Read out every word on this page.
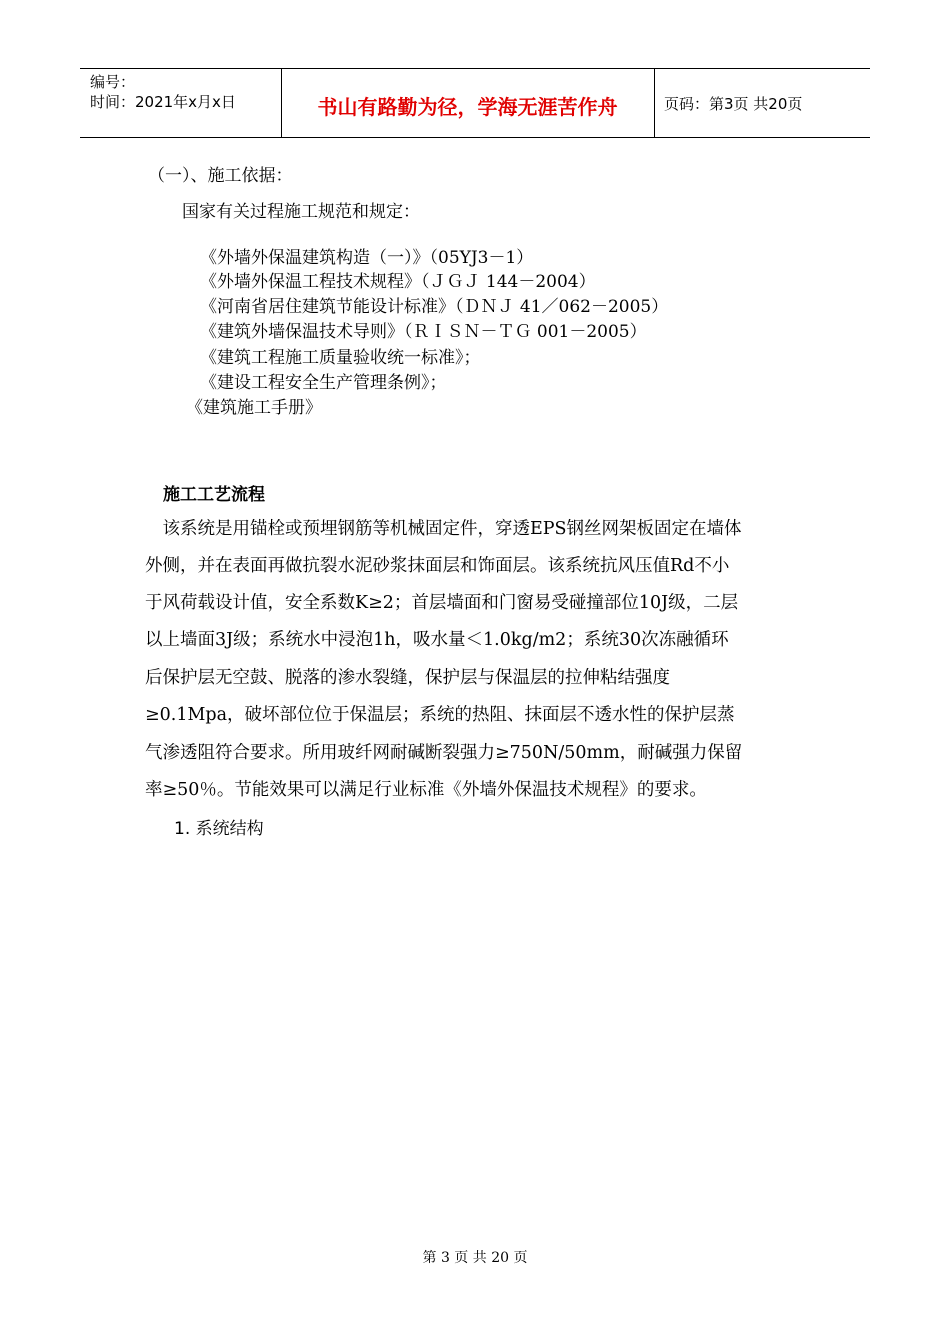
编号：
时间：2021年x月x日	书山有路勤为径，学海无涯苦作舟	页码：第3页 共20页
（一）、施工依据：
国家有关过程施工规范和规定：
《外墙外保温建筑构造（一）》（05YJ3－1）
《外墙外保温工程技术规程》（ＪＧＪ 144－2004）
《河南省居住建筑节能设计标准》（ＤＮＪ 41／062－2005）
《建筑外墙保温技术导则》（ＲＩＳＮ－ＴＧ 001－2005）
《建筑工程施工质量验收统一标准》；
《建设工程安全生产管理条例》；
《建筑施工手册》
施工工艺流程
　该系统是用锚栓或预埋钢筋等机械固定件，穿透EPS钢丝网架板固定在墙体
外侧，并在表面再做抗裂水泥砂浆抹面层和饰面层。该系统抗风压值Rd不小
于风荷载设计值，安全系数K≥2；首层墙面和门窗易受碰撞部位10J级，二层
以上墙面3J级；系统水中浸泡1h，吸水量＜1.0kg/m2；系统30次冻融循环
后保护层无空鼓、脱落的渗水裂缝，保护层与保温层的拉伸粘结强度
≥0.1Mpa，破坏部位位于保温层；系统的热阻、抹面层不透水性的保护层蒸
气渗透阻符合要求。所用玻纤网耐碱断裂强力≥750N/50mm，耐碱强力保留
率≥50％。节能效果可以满足行业标准《外墙外保温技术规程》的要求。
1. 系统结构
第 3 页 共 20 页
